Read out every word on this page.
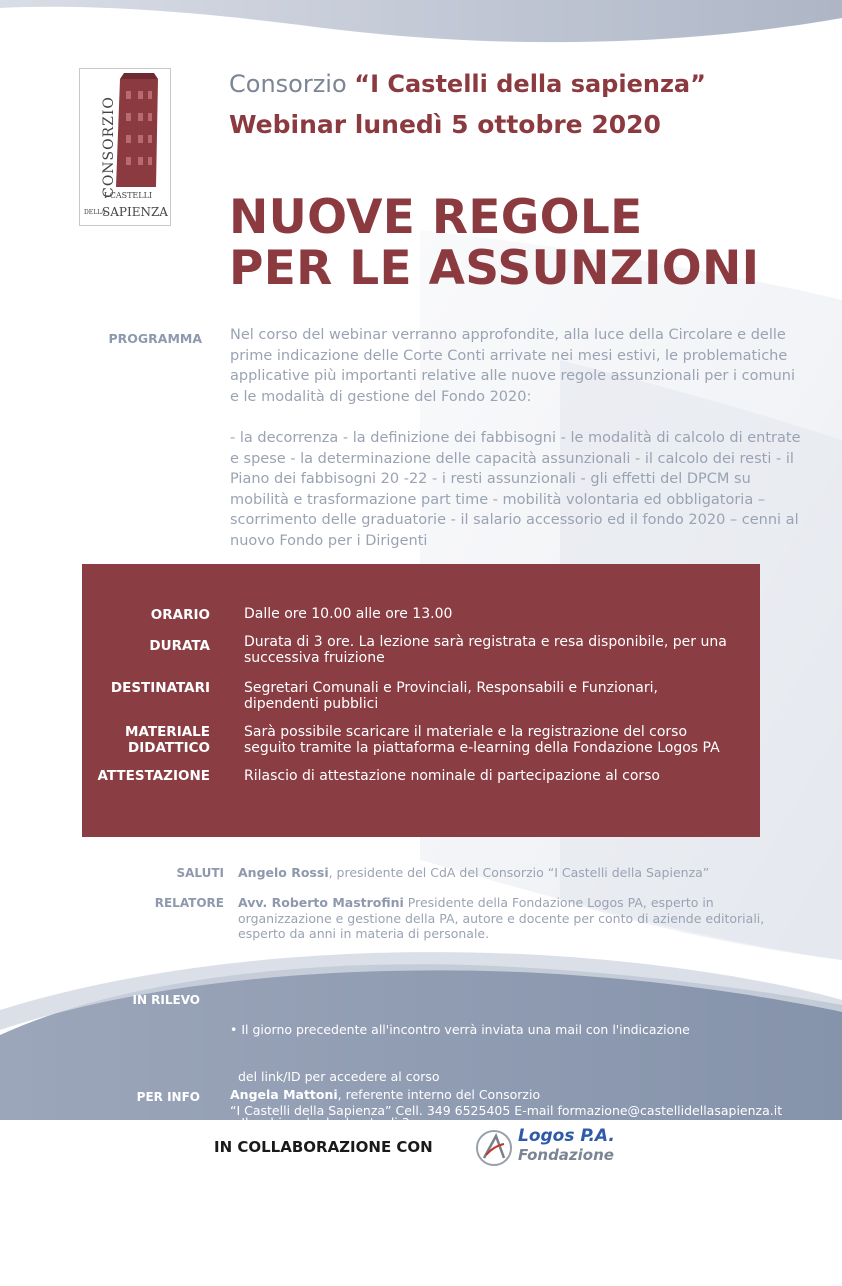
CONSORZIO
I CASTELLI
DELLA
SAPIENZA
Consorzio “I Castelli della sapienza”
Webinar lunedì 5 ottobre 2020
NUOVE REGOLE
PER LE ASSUNZIONI
PROGRAMMA Nel corso del webinar verranno approfondite, alla luce della Circolare e delle prime indicazione delle Corte Conti arrivate nei mesi estivi, le problematiche applicative più importanti relative alle nuove regole assunzionali per i comuni e le modalità di gestione del Fondo 2020:
- la decorrenza - la definizione dei fabbisogni - le modalità di calcolo di entrate e spese - la determinazione delle capacità assunzionali - il calcolo dei resti - il Piano dei fabbisogni 20 -22 - i resti assunzionali - gli effetti del DPCM su mobilità e trasformazione part time - mobilità volontaria ed obbligatoria – scorrimento delle graduatorie - il salario accessorio ed il fondo 2020 – cenni al nuovo Fondo per i Dirigenti
ORARIO Dalle ore 10.00 alle ore 13.00
DURATA Durata di 3 ore. La lezione sarà registrata e resa disponibile, per una successiva fruizione
DESTINATARI Segretari Comunali e Provinciali, Responsabili e Funzionari, dipendenti pubblici
MATERIALE
DIDATTICO
Sarà possibile scaricare il materiale e la registrazione del corso seguito tramite la piattaforma e-learning della Fondazione Logos PA
ATTESTAZIONE Rilascio di attestazione nominale di partecipazione al corso
SALUTI Angelo Rossi, presidente del CdA del Consorzio “I Castelli della Sapienza”
RELATORE Avv. Roberto Mastrofini Presidente della Fondazione Logos PA, esperto in organizzazione e gestione della PA, autore e docente per conto di aziende editoriali, esperto da anni in materia di personale.
IN RILEVO

• Il giorno precedente all'incontro verrà inviata una mail con l'indicazione

del link/ID per accedere al corso

• Il webinar ha la durata di 3 ore

• Possibilità di interagire con il relatore

• Corsi registrati resi disponibili per una successiva fruizione

• Materiale didattico scaricabile dalla piattaforma e-learning della Logos PA

PER INFO Angela Mattoni, referente interno del Consorzio
“I Castelli della Sapienza” Cell. 349 6525405 E-mail formazione@castellidellasapienza.it
IN COLLABORAZIONE CON
Logos P.A.
Fondazione
